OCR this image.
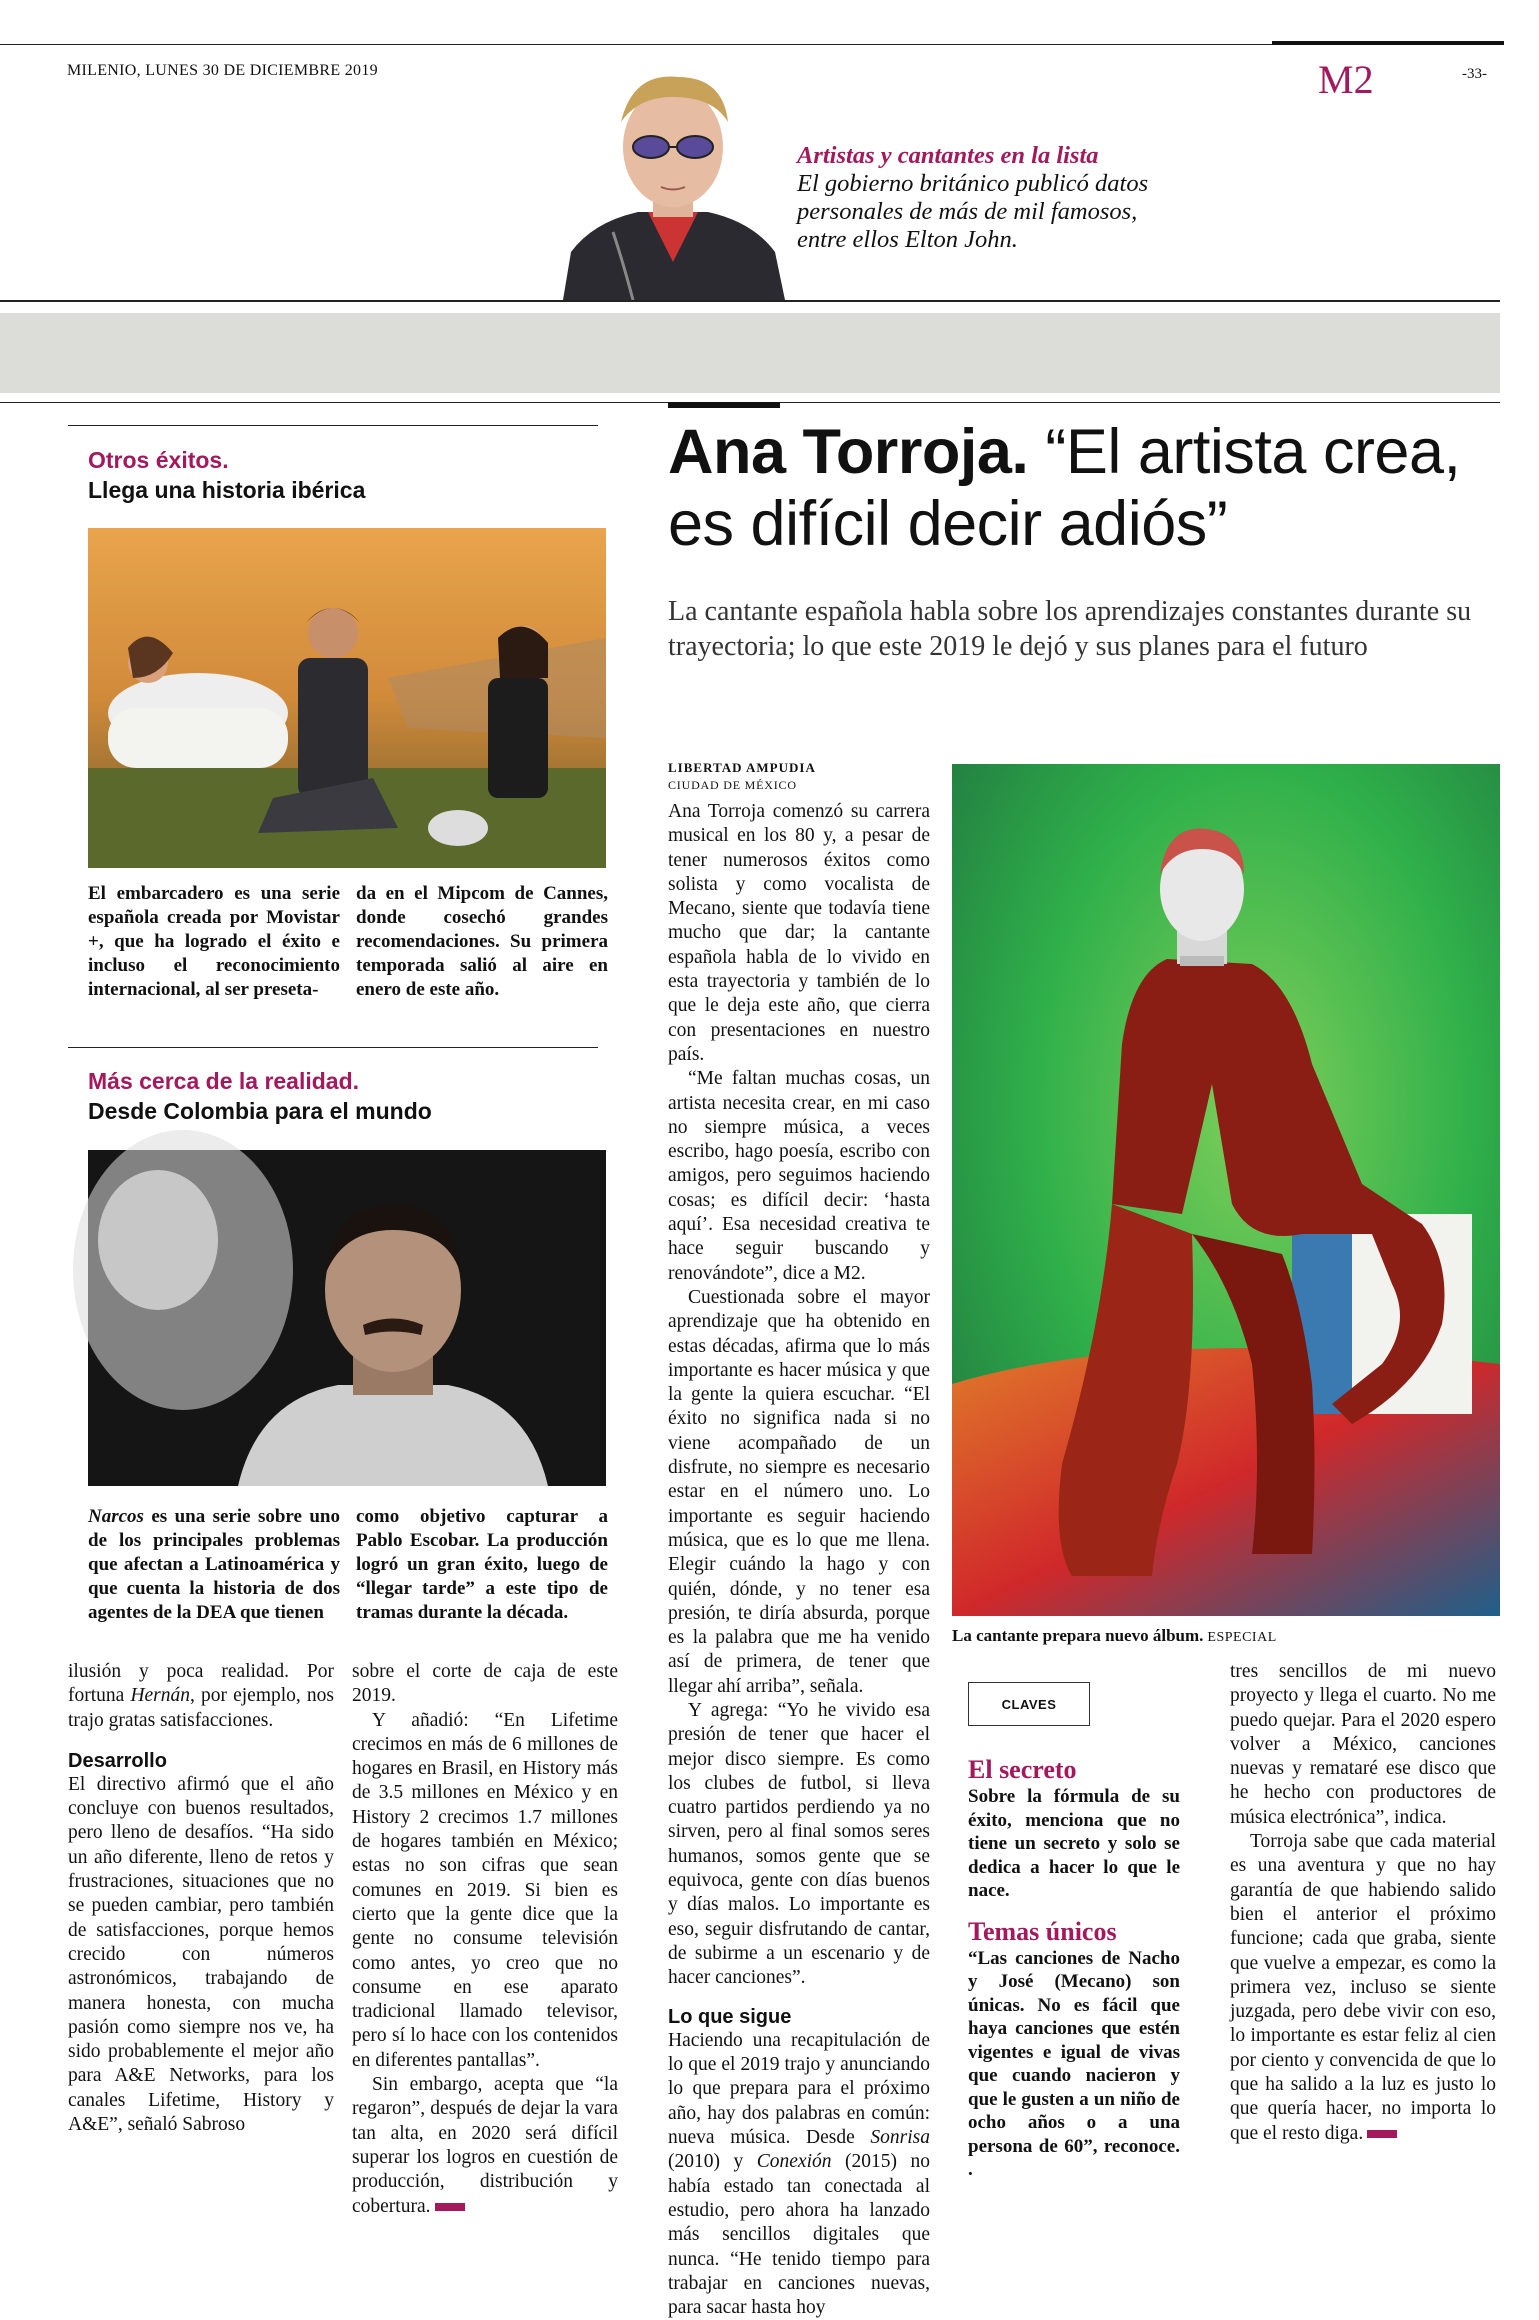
MILENIO, LUNES 30 DE DICIEMBRE 2019	M2	-33-
Artistas y cantantes en la lista
El gobierno británico publicó datos personales de más de mil famosos, entre ellos Elton John.
Otros éxitos.
Llega una historia ibérica
El embarcadero es una serie española creada por Movistar +, que ha logrado el éxito e incluso el reconocimiento internacional, al ser preseta-
da en el Mipcom de Cannes, donde cosechó grandes recomendaciones. Su primera temporada salió al aire en enero de este año.
Más cerca de la realidad.
Desde Colombia para el mundo
Narcos es una serie sobre uno de los principales problemas que afectan a Latinoamérica y que cuenta la historia de dos agentes de la DEA que tienen
como objetivo capturar a Pablo Escobar. La producción logró un gran éxito, luego de “llegar tarde” a este tipo de tramas durante la década.

ilusión y poca realidad. Por fortuna Hernán, por ejemplo, nos trajo gratas satisfacciones.

Desarrollo

El directivo afirmó que el año concluye con buenos resultados, pero lleno de desafíos. “Ha sido un año diferente, lleno de retos y frustraciones, situaciones que no se pueden cambiar, pero también de satisfacciones, porque hemos crecido con números astronómicos, trabajando de manera honesta, con mucha pasión como siempre nos ve, ha sido probablemente el mejor año para A&E Networks, para los canales Lifetime, History y A&E”, señaló Sabroso

sobre el corte de caja de este 2019.

Y añadió: “En Lifetime crecimos en más de 6 millones de hogares en Brasil, en History más de 3.5 millones en México y en History 2 crecimos 1.7 millones de hogares también en México; estas no son cifras que sean comunes en 2019. Si bien es cierto que la gente dice que la gente no consume televisión como antes, yo creo que no consume en ese aparato tradicional llamado televisor, pero sí lo hace con los contenidos en diferentes pantallas”.

Sin embargo, acepta que “la regaron”, después de dejar la vara tan alta, en 2020 será difícil superar los logros en cuestión de producción, distribución y cobertura.

Ana Torroja. “El artista crea, es difícil decir adiós”
La cantante española habla sobre los aprendizajes constantes durante su trayectoria; lo que este 2019 le dejó y sus planes para el futuro
LIBERTAD AMPUDIA
CIUDAD DE MÉXICO

Ana Torroja comenzó su carrera musical en los 80 y, a pesar de tener numerosos éxitos como solista y como vocalista de Mecano, siente que todavía tiene mucho que dar; la cantante española habla de lo vivido en esta trayectoria y también de lo que le deja este año, que cierra con presentaciones en nuestro país.

“Me faltan muchas cosas, un artista necesita crear, en mi caso no siempre música, a veces escribo, hago poesía, escribo con amigos, pero seguimos haciendo cosas; es difícil decir: ‘hasta aquí’. Esa necesidad creativa te hace seguir buscando y renovándote”, dice a M2.

Cuestionada sobre el mayor aprendizaje que ha obtenido en estas décadas, afirma que lo más importante es hacer música y que la gente la quiera escuchar. “El éxito no significa nada si no viene acompañado de un disfrute, no siempre es necesario estar en el número uno. Lo importante es seguir haciendo música, que es lo que me llena. Elegir cuándo la hago y con quién, dónde, y no tener esa presión, te diría absurda, porque es la palabra que me ha venido así de primera, de tener que llegar ahí arriba”, señala.

Y agrega: “Yo he vivido esa presión de tener que hacer el mejor disco siempre. Es como los clubes de futbol, si lleva cuatro partidos perdiendo ya no sirven, pero al final somos seres humanos, somos gente que se equivoca, gente con días buenos y días malos. Lo importante es eso, seguir disfrutando de cantar, de subirme a un escenario y de hacer canciones”.

Lo que sigue

Haciendo una recapitulación de lo que el 2019 trajo y anunciando lo que prepara para el próximo año, hay dos palabras en común: nueva música. Desde Sonrisa (2010) y Conexión (2015) no había estado tan conectada al estudio, pero ahora ha lanzado más sencillos digitales que nunca. “He tenido tiempo para trabajar en canciones nuevas, para sacar hasta hoy

La cantante prepara nuevo álbum. ESPECIAL
CLAVES
El secreto
Sobre la fórmula de su éxito, menciona que no tiene un secreto y solo se dedica a hacer lo que le nace.
Temas únicos
“Las canciones de Nacho y José (Mecano) son únicas. No es fácil que haya canciones que estén vigentes e igual de vivas que cuando nacieron y que le gusten a un niño de ocho años o a una persona de 60”, reconoce. .

tres sencillos de mi nuevo proyecto y llega el cuarto. No me puedo quejar. Para el 2020 espero volver a México, canciones nuevas y remataré ese disco que he hecho con productores de música electrónica”, indica.

Torroja sabe que cada material es una aventura y que no hay garantía de que habiendo salido bien el anterior el próximo funcione; cada que graba, siente que vuelve a empezar, es como la primera vez, incluso se siente juzgada, pero debe vivir con eso, lo importante es estar feliz al cien por ciento y convencida de que lo que ha salido a la luz es justo lo que quería hacer, no importa lo que el resto diga.
